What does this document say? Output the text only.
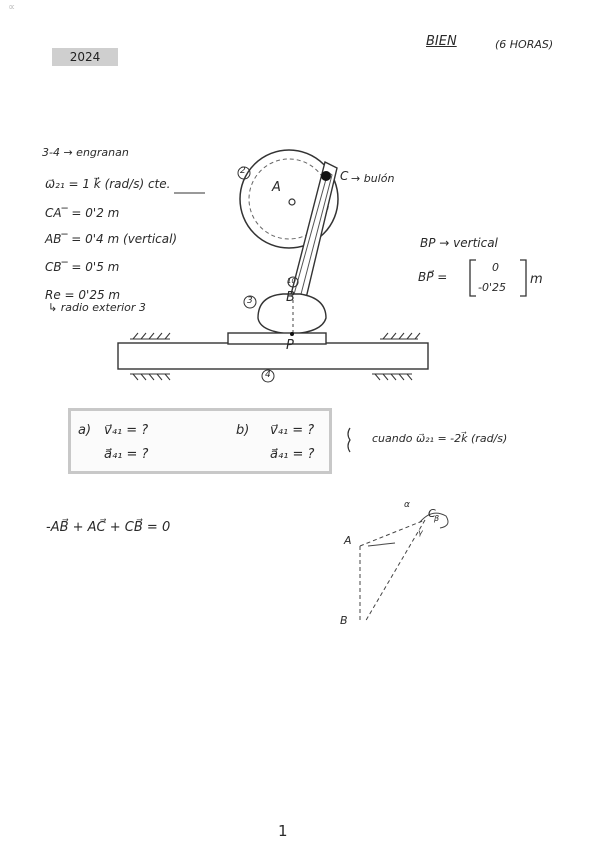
∝
2024
BIEN	(6 HORAS)
3-4 → engranan
ω⃗₂₁ = 1 k⃗ (rad/s) cte.
CA‾ = 0'2 m
AB‾ = 0'4 m (vertical)
CB‾ = 0'5 m
Re = 0'25 m
↳ radio exterior 3
2
A
C → bulón
10
B
3
P
4
BP → vertical
BP⃗ =
0
-0'25
m
a) v⃗₄₁ = ?
a⃗₄₁ = ?
b) v⃗₄₁ = ?
a⃗₄₁ = ?
cuando ω⃗₂₁ = -2k⃗ (rad/s)
-AB⃗ + AC⃗ + CB⃗ = 0
A
B
C
α
γ
β
1
